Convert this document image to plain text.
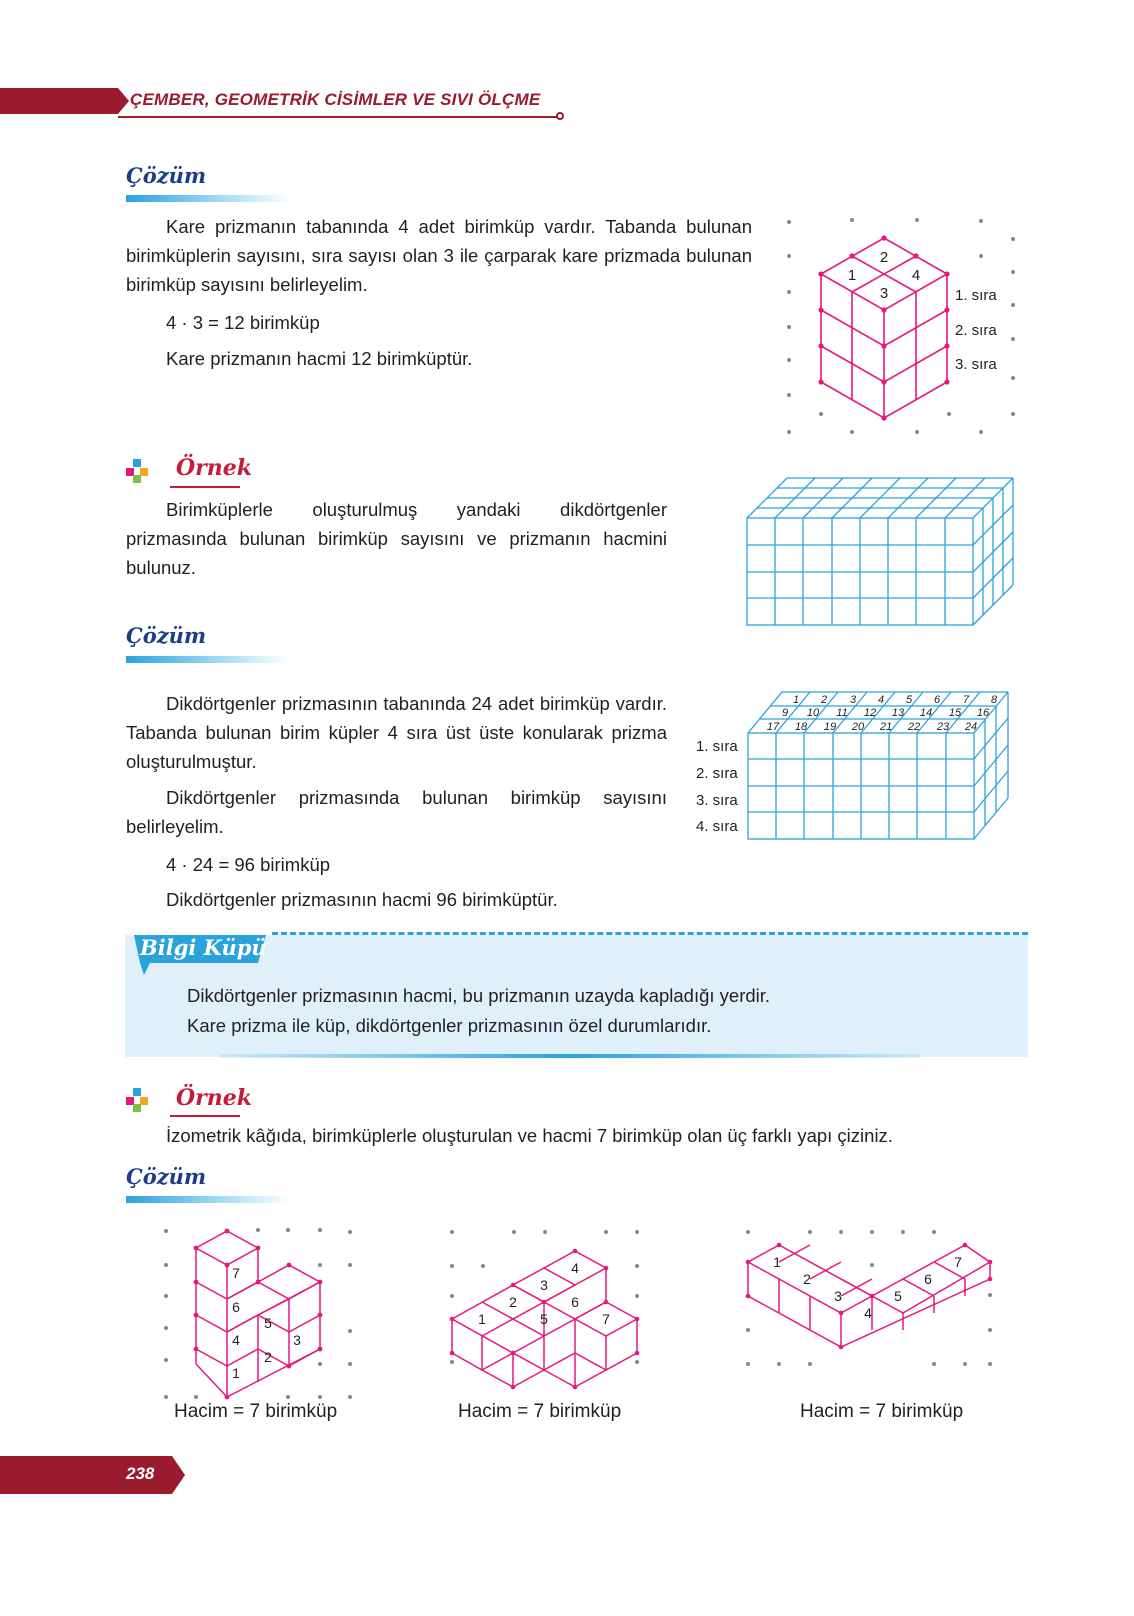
ÇEMBER, GEOMETRİK CİSİMLER VE SIVI ÖLÇME
Çözüm
Kare prizmanın tabanında 4 adet birimküp vardır. Tabanda bulunan birimküplerin sayısını, sıra sayısı olan 3 ile çarparak kare prizmada bulunan birimküp sayısını belirleyelim.
4 · 3 = 12 birimküp
Kare prizmanın hacmi 12 birimküptür.
2
1	4
3	1. sıra
2. sıra
3. sıra
Örnek
Birimküplerle oluşturulmuş yandaki dikdörtgenler prizmasında bulunan birimküp sayısını ve prizmanın hacmini bulunuz.
Çözüm
Dikdörtgenler prizmasının tabanında 24 adet birimküp vardır. Tabanda bulunan birim küpler 4 sıra üst üste konularak prizma oluşturulmuştur.
Dikdörtgenler prizmasında bulunan birimküp sayısını belirleyelim.
4 · 24 = 96 birimküp
Dikdörtgenler prizmasının hacmi 96 birimküptür.
1 2 3 4 5 6 7 8
9 10 11 12 13 14 15 16
17 18 19 20 21 22 23 24
1. sıra
2. sıra
3. sıra
4. sıra
Bilgi Küpü
Dikdörtgenler prizmasının hacmi, bu prizmanın uzayda kapladığı yerdir.
Kare prizma ile küp, dikdörtgenler prizmasının özel durumlarıdır.
Örnek
İzometrik kâğıda, birimküplerle oluşturulan ve hacmi 7 birimküp olan üç farklı yapı çiziniz.
Çözüm
1
2
3
4
5
6
7
Hacim = 7 birimküp
1
2
3
4
5
6
7
Hacim = 7 birimküp
1
2
3
4
5
6
7
Hacim = 7 birimküp
238
